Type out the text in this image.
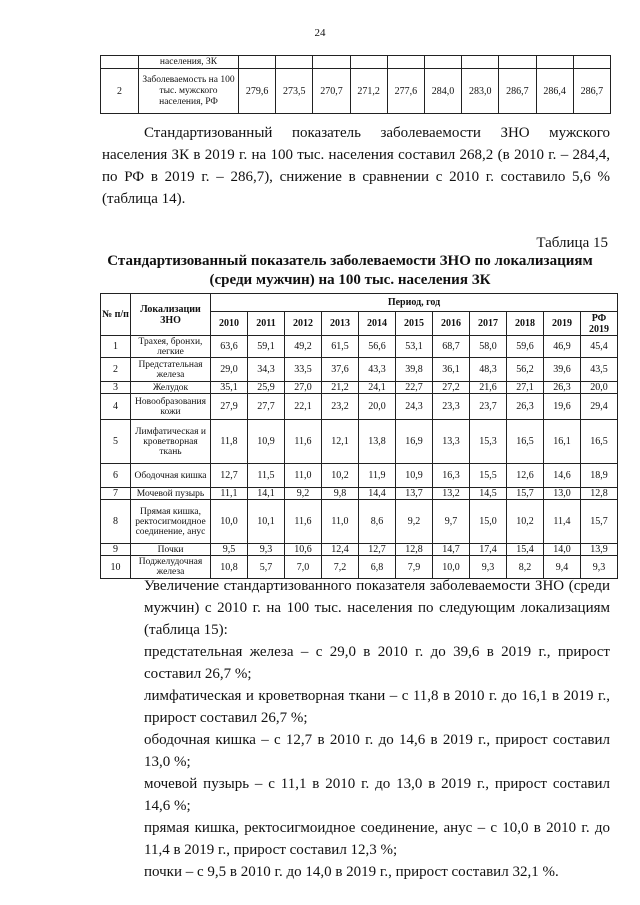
24
	населения, ЗК										
2	Заболеваемость на 100 тыс. мужского населения, РФ	279,6	273,5	270,7	271,2	277,6	284,0	283,0	286,7	286,4	286,7
Стандартизованный показатель заболеваемости ЗНО мужского населения ЗК в 2019 г. на 100 тыс. населения составил 268,2 (в 2010 г. – 284,4, по РФ в 2019 г. – 286,7), снижение в сравнении с 2010 г. составило 5,6 % (таблица 14).
Таблица 15
Стандартизованный показатель заболеваемости ЗНО по локализациям
(среди мужчин) на 100 тыс. населения ЗК
№ п/п	Локализации ЗНО	Период, год										
		2010	2011	2012	2013	2014	2015	2016	2017	2018	2019	РФ 2019
1	Трахея, бронхи, легкие	63,6	59,1	49,2	61,5	56,6	53,1	68,7	58,0	59,6	46,9	45,4
2	Предстательная железа	29,0	34,3	33,5	37,6	43,3	39,8	36,1	48,3	56,2	39,6	43,5
3	Желудок	35,1	25,9	27,0	21,2	24,1	22,7	27,2	21,6	27,1	26,3	20,0
4	Новообразования кожи	27,9	27,7	22,1	23,2	20,0	24,3	23,3	23,7	26,3	19,6	29,4
5	Лимфатическая и кроветворная ткань	11,8	10,9	11,6	12,1	13,8	16,9	13,3	15,3	16,5	16,1	16,5
6	Ободочная кишка	12,7	11,5	11,0	10,2	11,9	10,9	16,3	15,5	12,6	14,6	18,9
7	Мочевой пузырь	11,1	14,1	9,2	9,8	14,4	13,7	13,2	14,5	15,7	13,0	12,8
8	Прямая кишка, ректосигмоидное соединение, анус	10,0	10,1	11,6	11,0	8,6	9,2	9,7	15,0	10,2	11,4	15,7
9	Почки	9,5	9,3	10,6	12,4	12,7	12,8	14,7	17,4	15,4	14,0	13,9
10	Поджелудочная железа	10,8	5,7	7,0	7,2	6,8	7,9	10,0	9,3	8,2	9,4	9,3
Увеличение стандартизованного показателя заболеваемости ЗНО (среди мужчин) с 2010 г. на 100 тыс. населения по следующим локализациям (таблица 15):
предстательная железа – с 29,0 в 2010 г. до 39,6 в 2019 г., прирост составил 26,7 %;
лимфатическая и кроветворная ткани – с 11,8 в 2010 г. до 16,1 в 2019 г., прирост составил 26,7 %;
ободочная кишка – с 12,7 в 2010 г. до 14,6 в 2019 г., прирост составил 13,0 %;
мочевой пузырь – с 11,1 в 2010 г. до 13,0 в 2019 г., прирост составил 14,6 %;
прямая кишка, ректосигмоидное соединение, анус – с 10,0 в 2010 г. до 11,4 в 2019 г., прирост составил 12,3 %;
почки – с 9,5 в 2010 г. до 14,0 в 2019 г., прирост составил 32,1 %.
